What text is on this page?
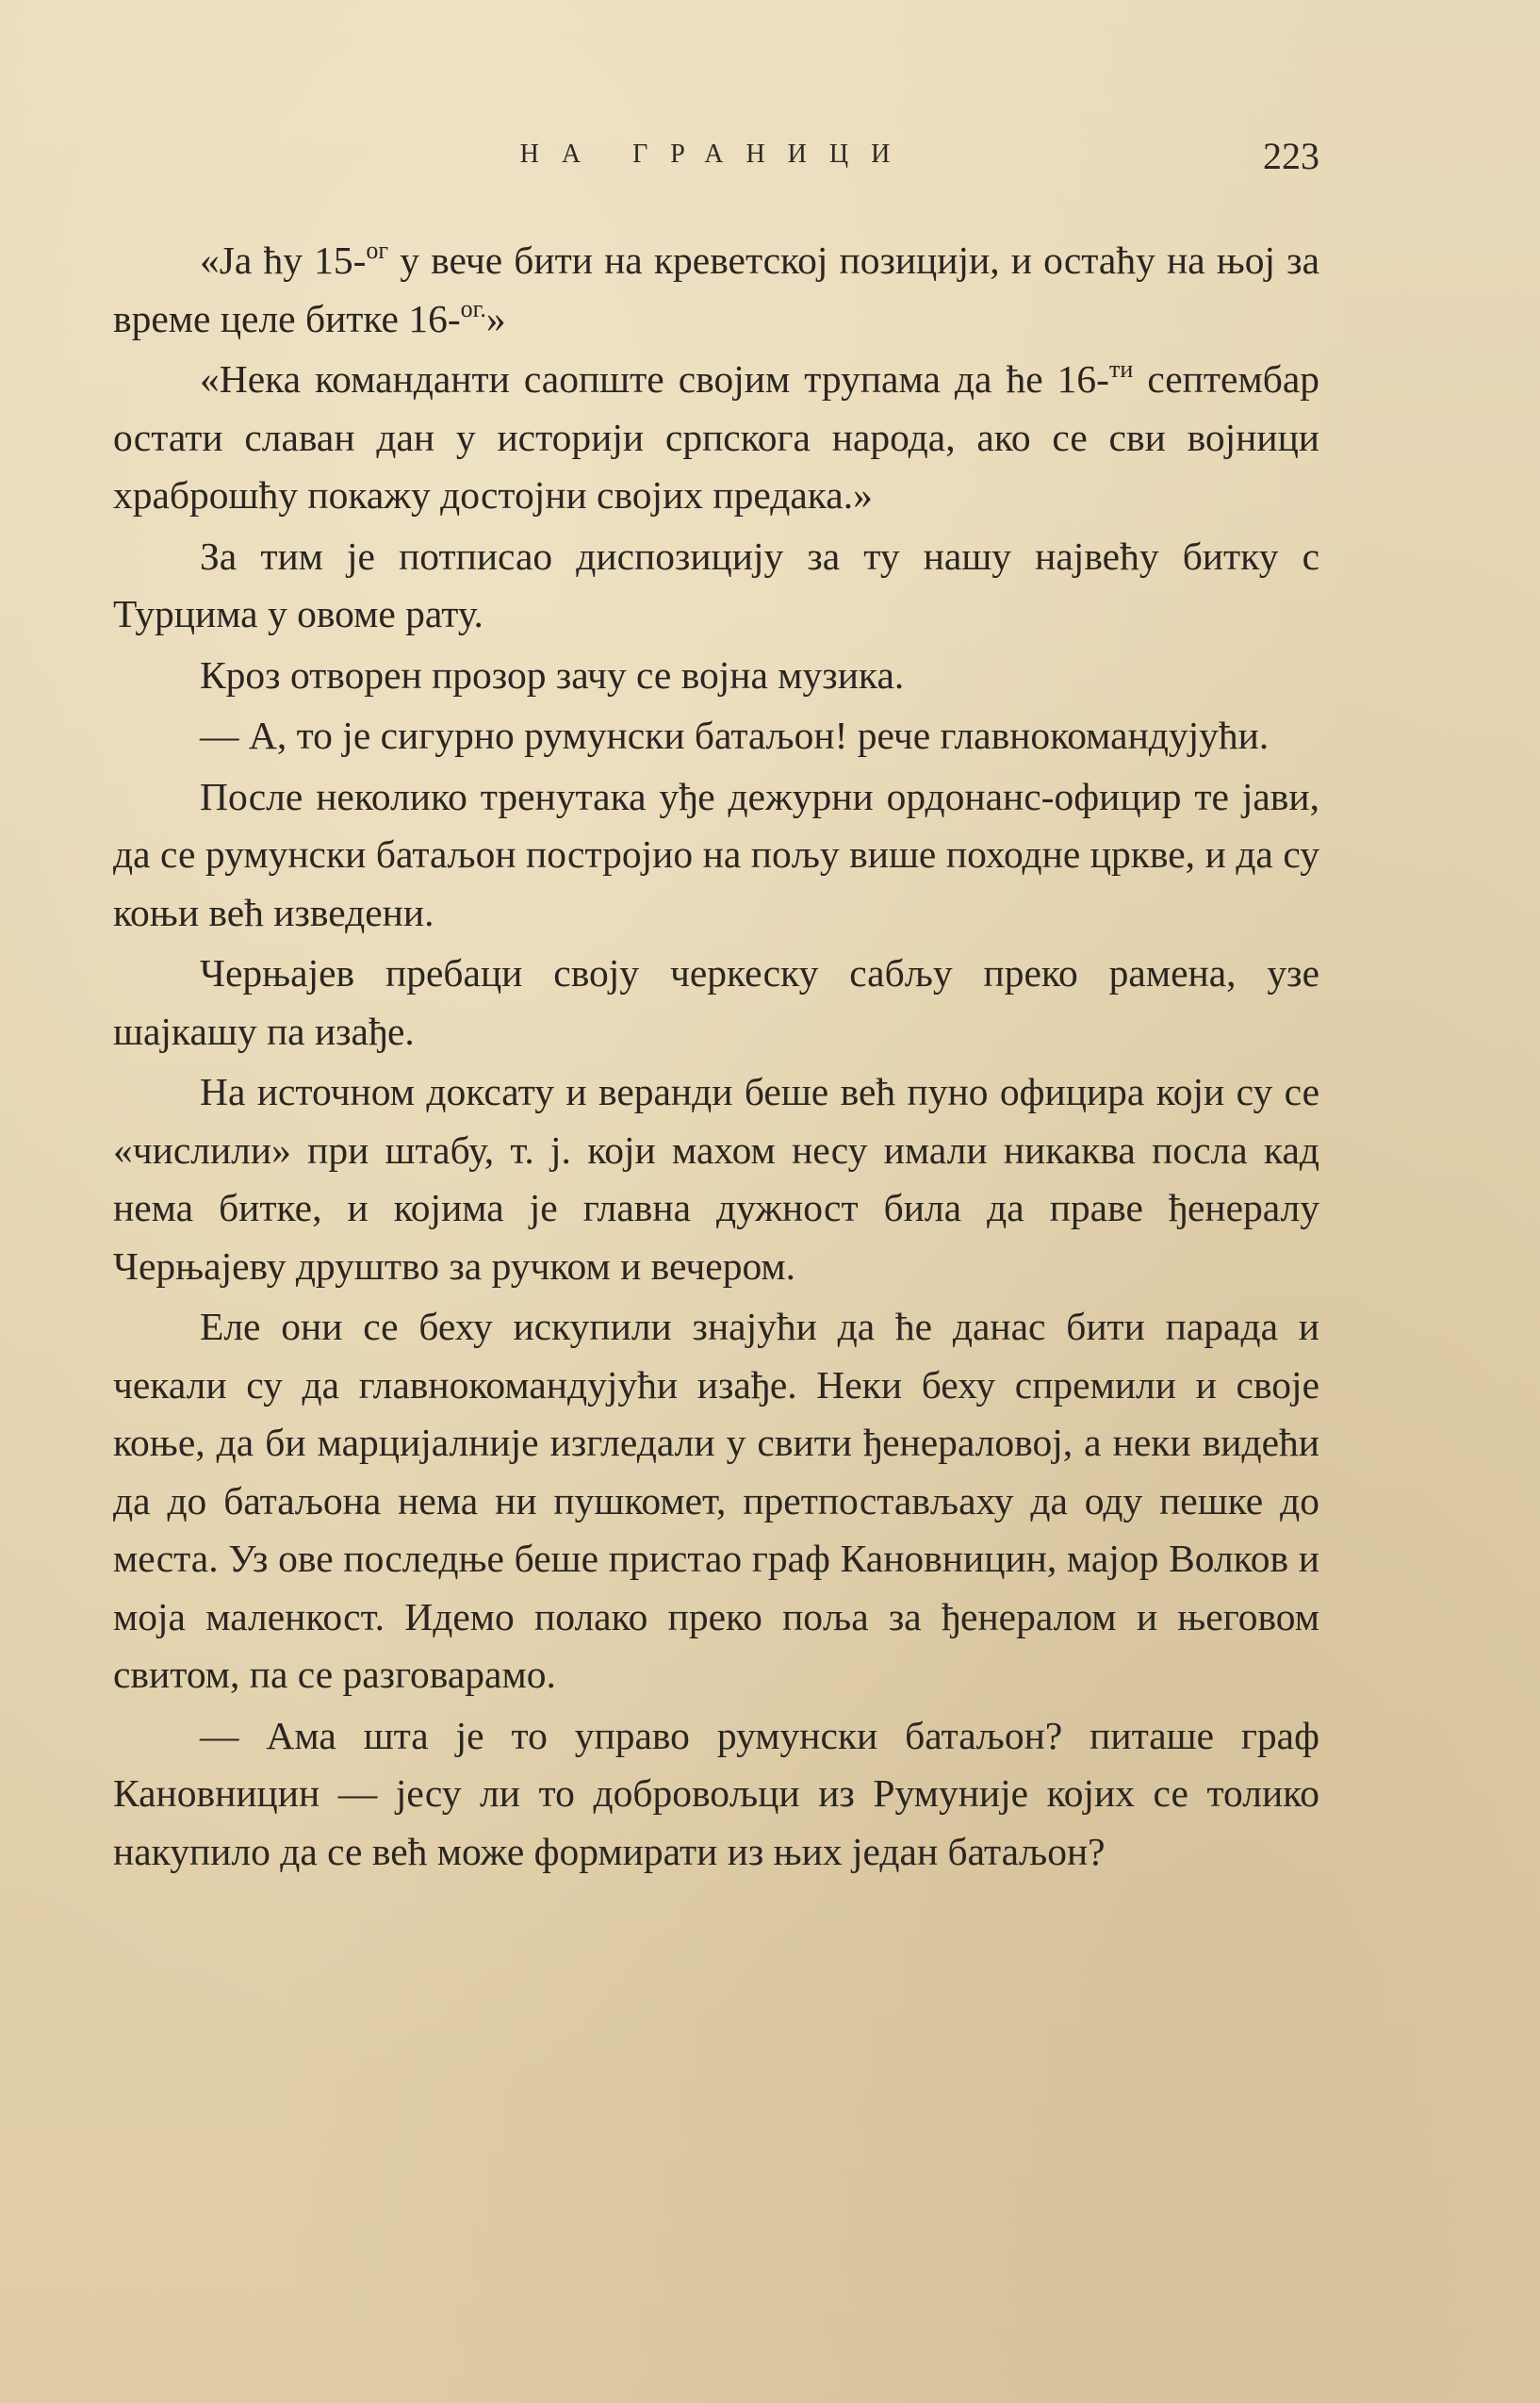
НА ГРАНИЦИ	223

«Ја ћу 15-$^{ог}$ у вече бити на креветској позицији, и остаћу на њој за време целе битке 16-$^{ог.}$»

«Нека команданти саопште својим трупама да ће 16-$^{ти}$ септембар остати славан дан у историји српскога народа, ако се сви војници храброшћу покажу достојни својих предака.»

За тим је потписао диспозицију за ту нашу највећу битку с Турцима у овоме рату.

Кроз отворен прозор зачу се војна музика.

— А, то је сигурно румунски батаљон! рече главнокомандујући.

После неколико тренутака уђе дежурни ордонанс-официр те јави, да се румунски батаљон постројио на пољу више походне цркве, и да су коњи већ изведени.

Черњајев пребаци своју черкеску сабљу преко рамена, узе шајкашу па изађе.

На источном доксату и веранди беше већ пуно официра који су се «числили» при штабу, т. ј. који махом несу имали никаква посла кад нема битке, и којима је главна дужност била да праве ђенералу Черњајеву друштво за ручком и вечером.

Еле они се беху искупили знајући да ће данас бити парада и чекали су да главнокомандујући изађе. Неки беху спремили и своје коње, да би марцијалније изгледали у свити ђенераловој, а неки видећи да до батаљона нема ни пушкомет, претпостављаху да оду пешке до места. Уз ове последње беше пристао граф Кановницин, мајор Волков и моја маленкост. Идемо полако преко поља за ђенералом и његовом свитом, па се разговарамо.

— Ама шта је то управо румунски батаљон? питаше граф Кановницин — јесу ли то добровољци из Румуније којих се толико накупило да се већ може формирати из њих један батаљон?
